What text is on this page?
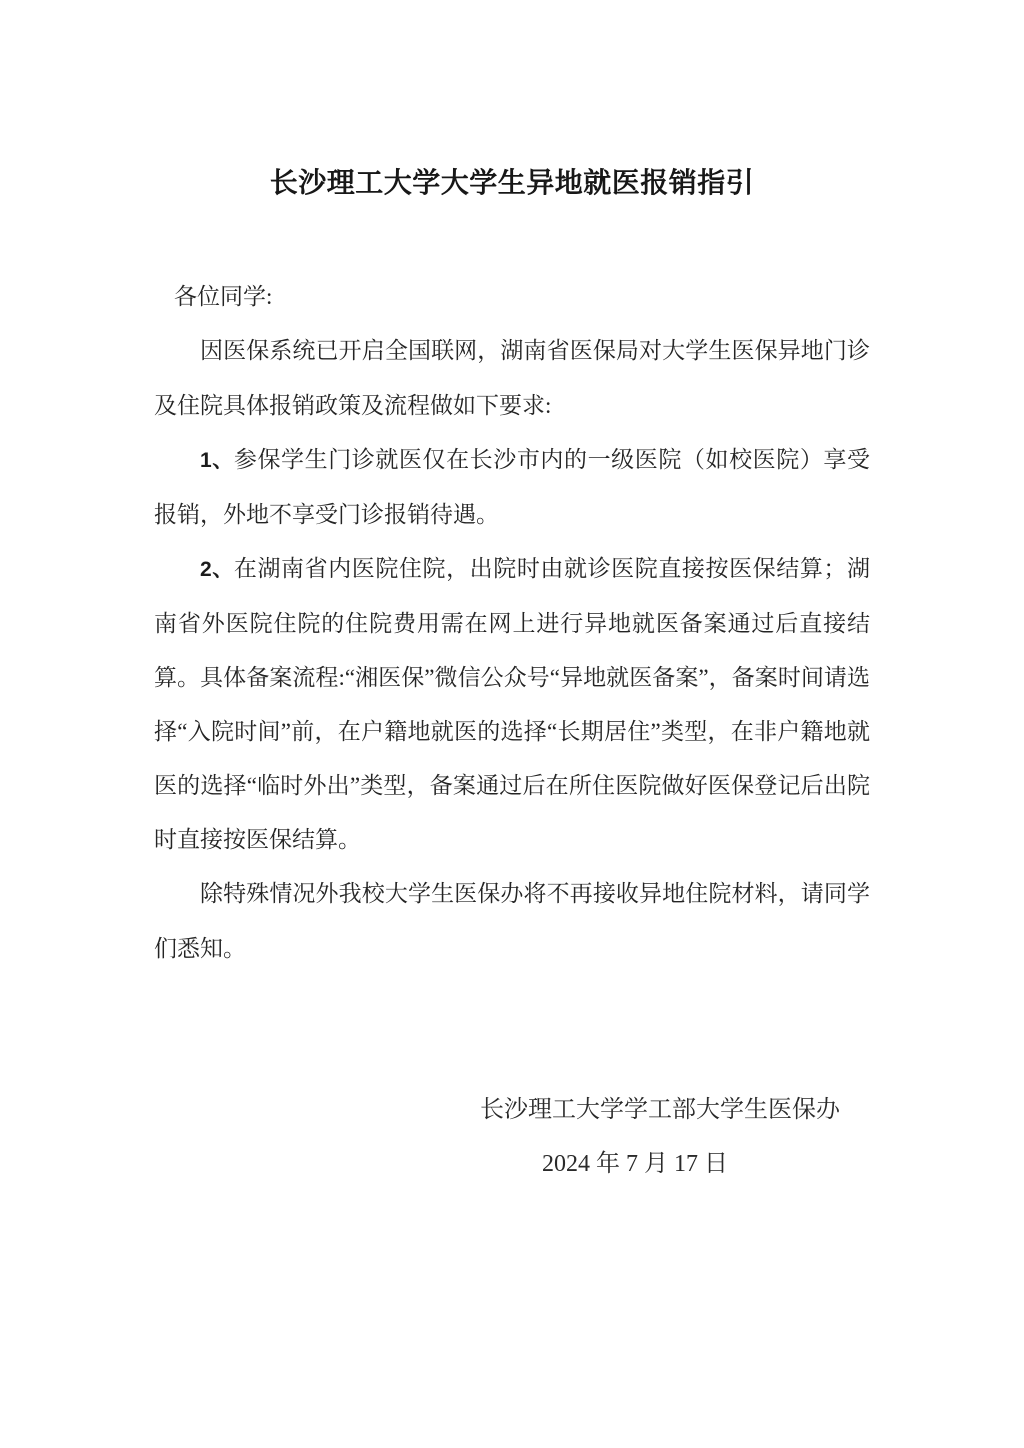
长沙理工大学大学生异地就医报销指引

各位同学:

因医保系统已开启全国联网，湖南省医保局对大学生医保异地门诊及住院具体报销政策及流程做如下要求:

1、参保学生门诊就医仅在长沙市内的一级医院（如校医院）享受报销，外地不享受门诊报销待遇。

2、在湖南省内医院住院，出院时由就诊医院直接按医保结算；湖南省外医院住院的住院费用需在网上进行异地就医备案通过后直接结算。具体备案流程:“湘医保”微信公众号“异地就医备案”，备案时间请选择“入院时间”前，在户籍地就医的选择“长期居住”类型，在非户籍地就医的选择“临时外出”类型，备案通过后在所住医院做好医保登记后出院时直接按医保结算。

除特殊情况外我校大学生医保办将不再接收异地住院材料，请同学们悉知。

长沙理工大学学工部大学生医保办

2024 年 7 月 17 日
